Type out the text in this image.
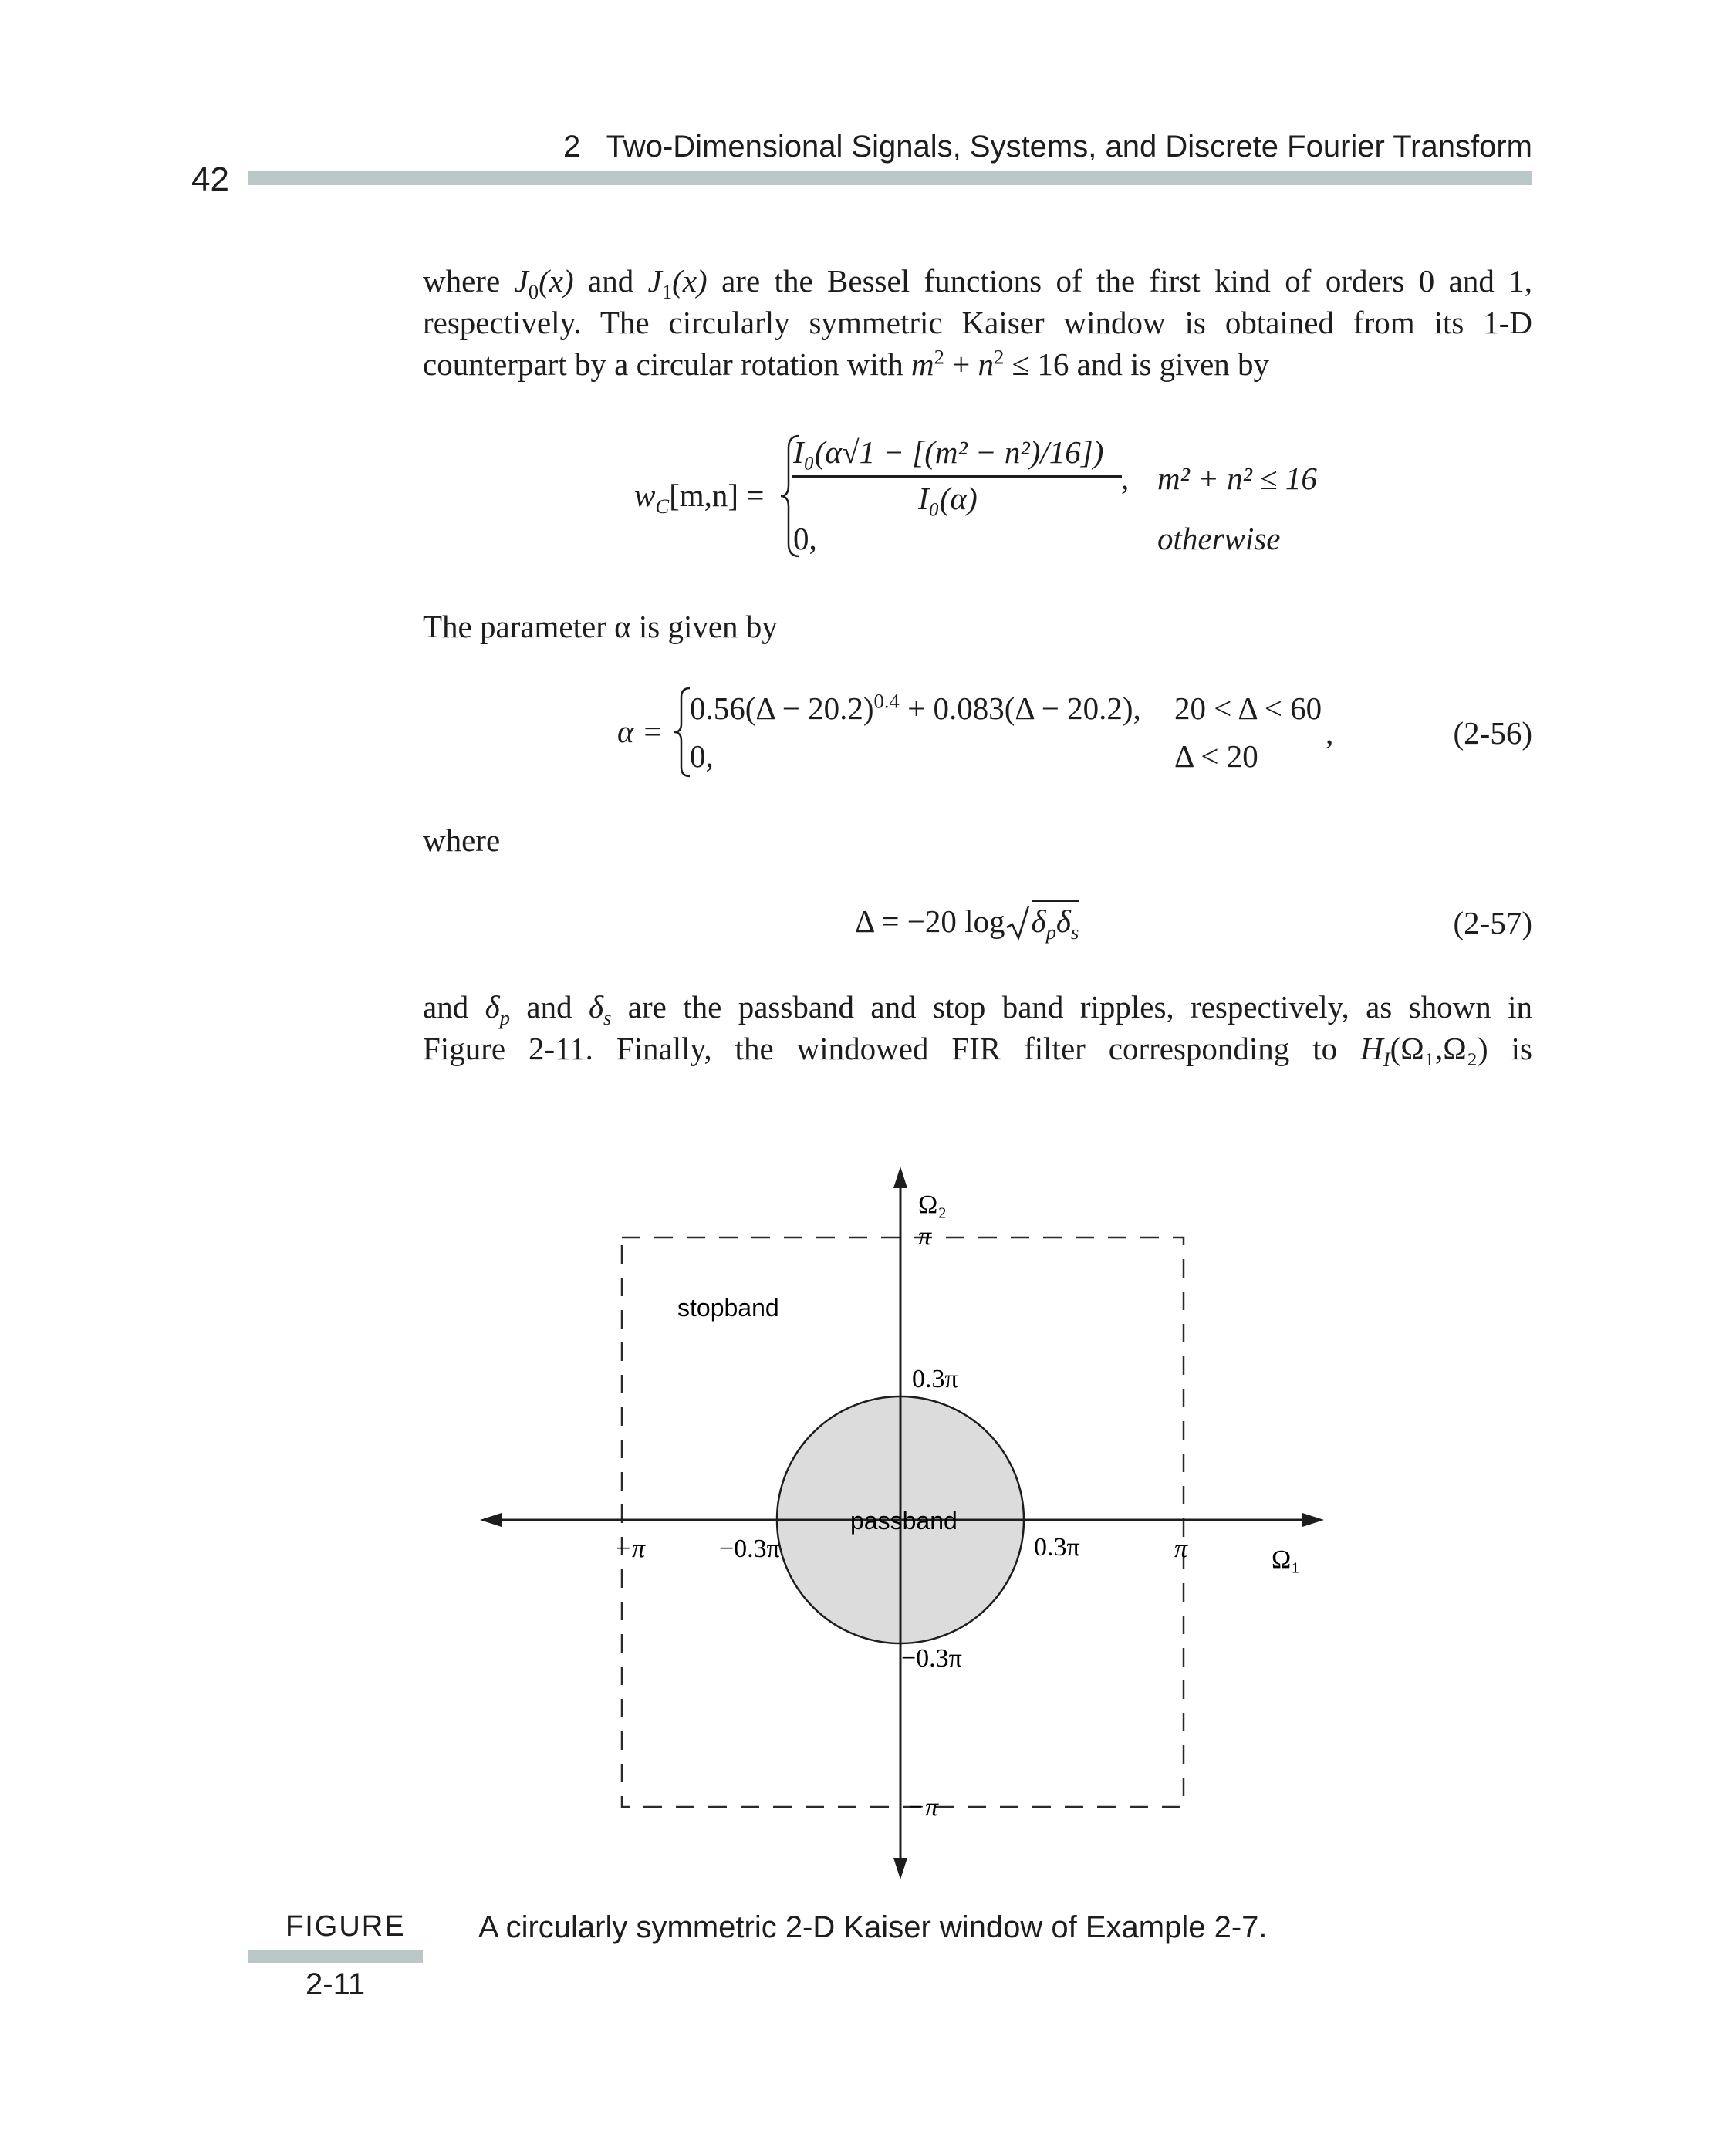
42
2 Two-Dimensional Signals, Systems, and Discrete Fourier Transform
where $J_0(x)$ and $J_1(x)$ are the Bessel functions of the first kind of orders 0 and 1,
respectively. The circularly symmetric Kaiser window is obtained from its 1-D
counterpart by a circular rotation with $m^2 + n^2 \le 16$ and is given by
$w_C[m,n]$ =
I₀(α√1 − [(m² − n²)/16])
I₀(α)
, m² + n² ≤ 16
0,	otherwise
The parameter α is given by
α =
$0.56(\Delta - 20.2)^{0.4} + 0.083(\Delta - 20.2)$, 20 < Δ < 60
0,	Δ < 20
,	(2-56)
where
Δ = −20 $\log \delta_p\delta_s$	(2-57)
and $\delta_p$ and $\delta_s$ are the passband and stop band ripples, respectively, as shown in
Figure 2-11. Finally, the windowed FIR filter corresponding to $H_I(\Omega_1,\Omega_2)$ is
Ω₂
Ω₁
π
−π
−π	π
0.3π
−0.3π
−0.3π	0.3π
stopband
passband
FIGURE
2-11
A circularly symmetric 2-D Kaiser window of Example 2-7.
